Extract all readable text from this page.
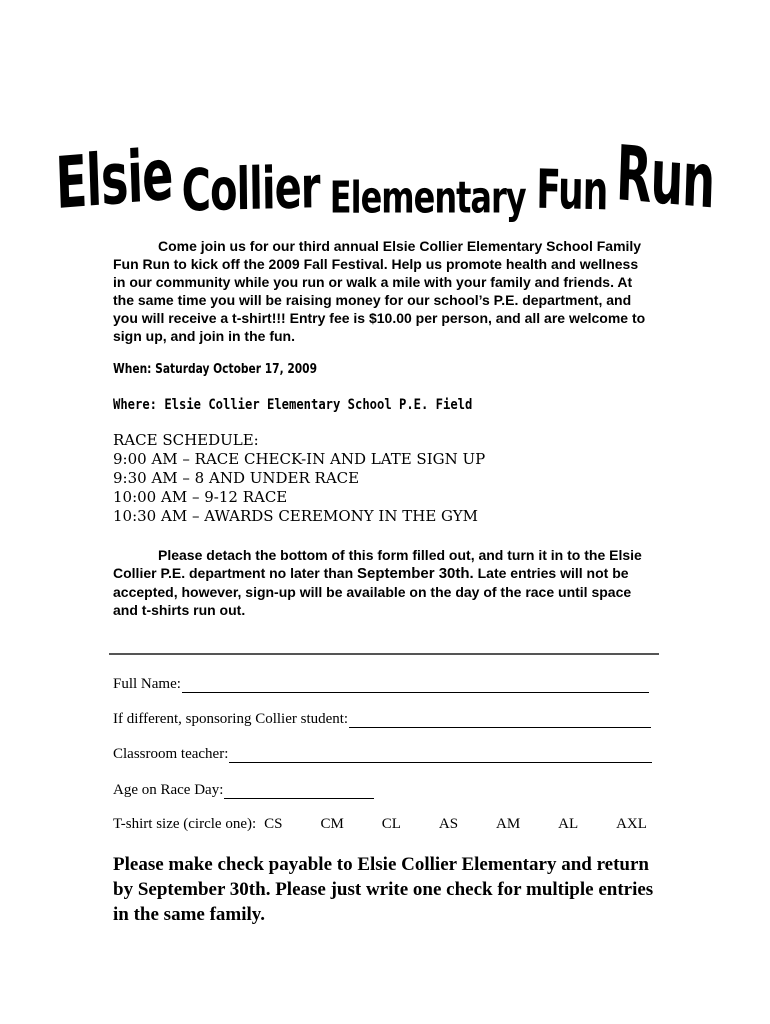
Elsie Collier Elementary Fun Run

Come join us for our third annual Elsie Collier Elementary School Family Fun Run to kick off the 2009 Fall Festival. Help us promote health and wellness in our community while you run or walk a mile with your family and friends. At the same time you will be raising money for our school’s P.E. department, and you will receive a t-shirt!!! Entry fee is $10.00 per person, and all are welcome to sign up, and join in the fun.

When: Saturday October 17, 2009

Where: Elsie Collier Elementary School P.E. Field

RACE SCHEDULE:
9:00 AM – RACE CHECK-IN AND LATE SIGN UP
9:30 AM – 8 AND UNDER RACE
10:00 AM – 9-12 RACE
10:30 AM – AWARDS CEREMONY IN THE GYM

Please detach the bottom of this form filled out, and turn it in to the Elsie Collier P.E. department no later than September 30th. Late entries will not be accepted, however, sign-up will be available on the day of the race until space and t-shirts run out.

Full Name:
If different, sponsoring Collier student:
Classroom teacher:
Age on Race Day:
T-shirt size (circle one): CS	CM	CL	AS	AM	AL	AXL

Please make check payable to Elsie Collier Elementary and return by September 30th. Please just write one check for multiple entries in the same family.
